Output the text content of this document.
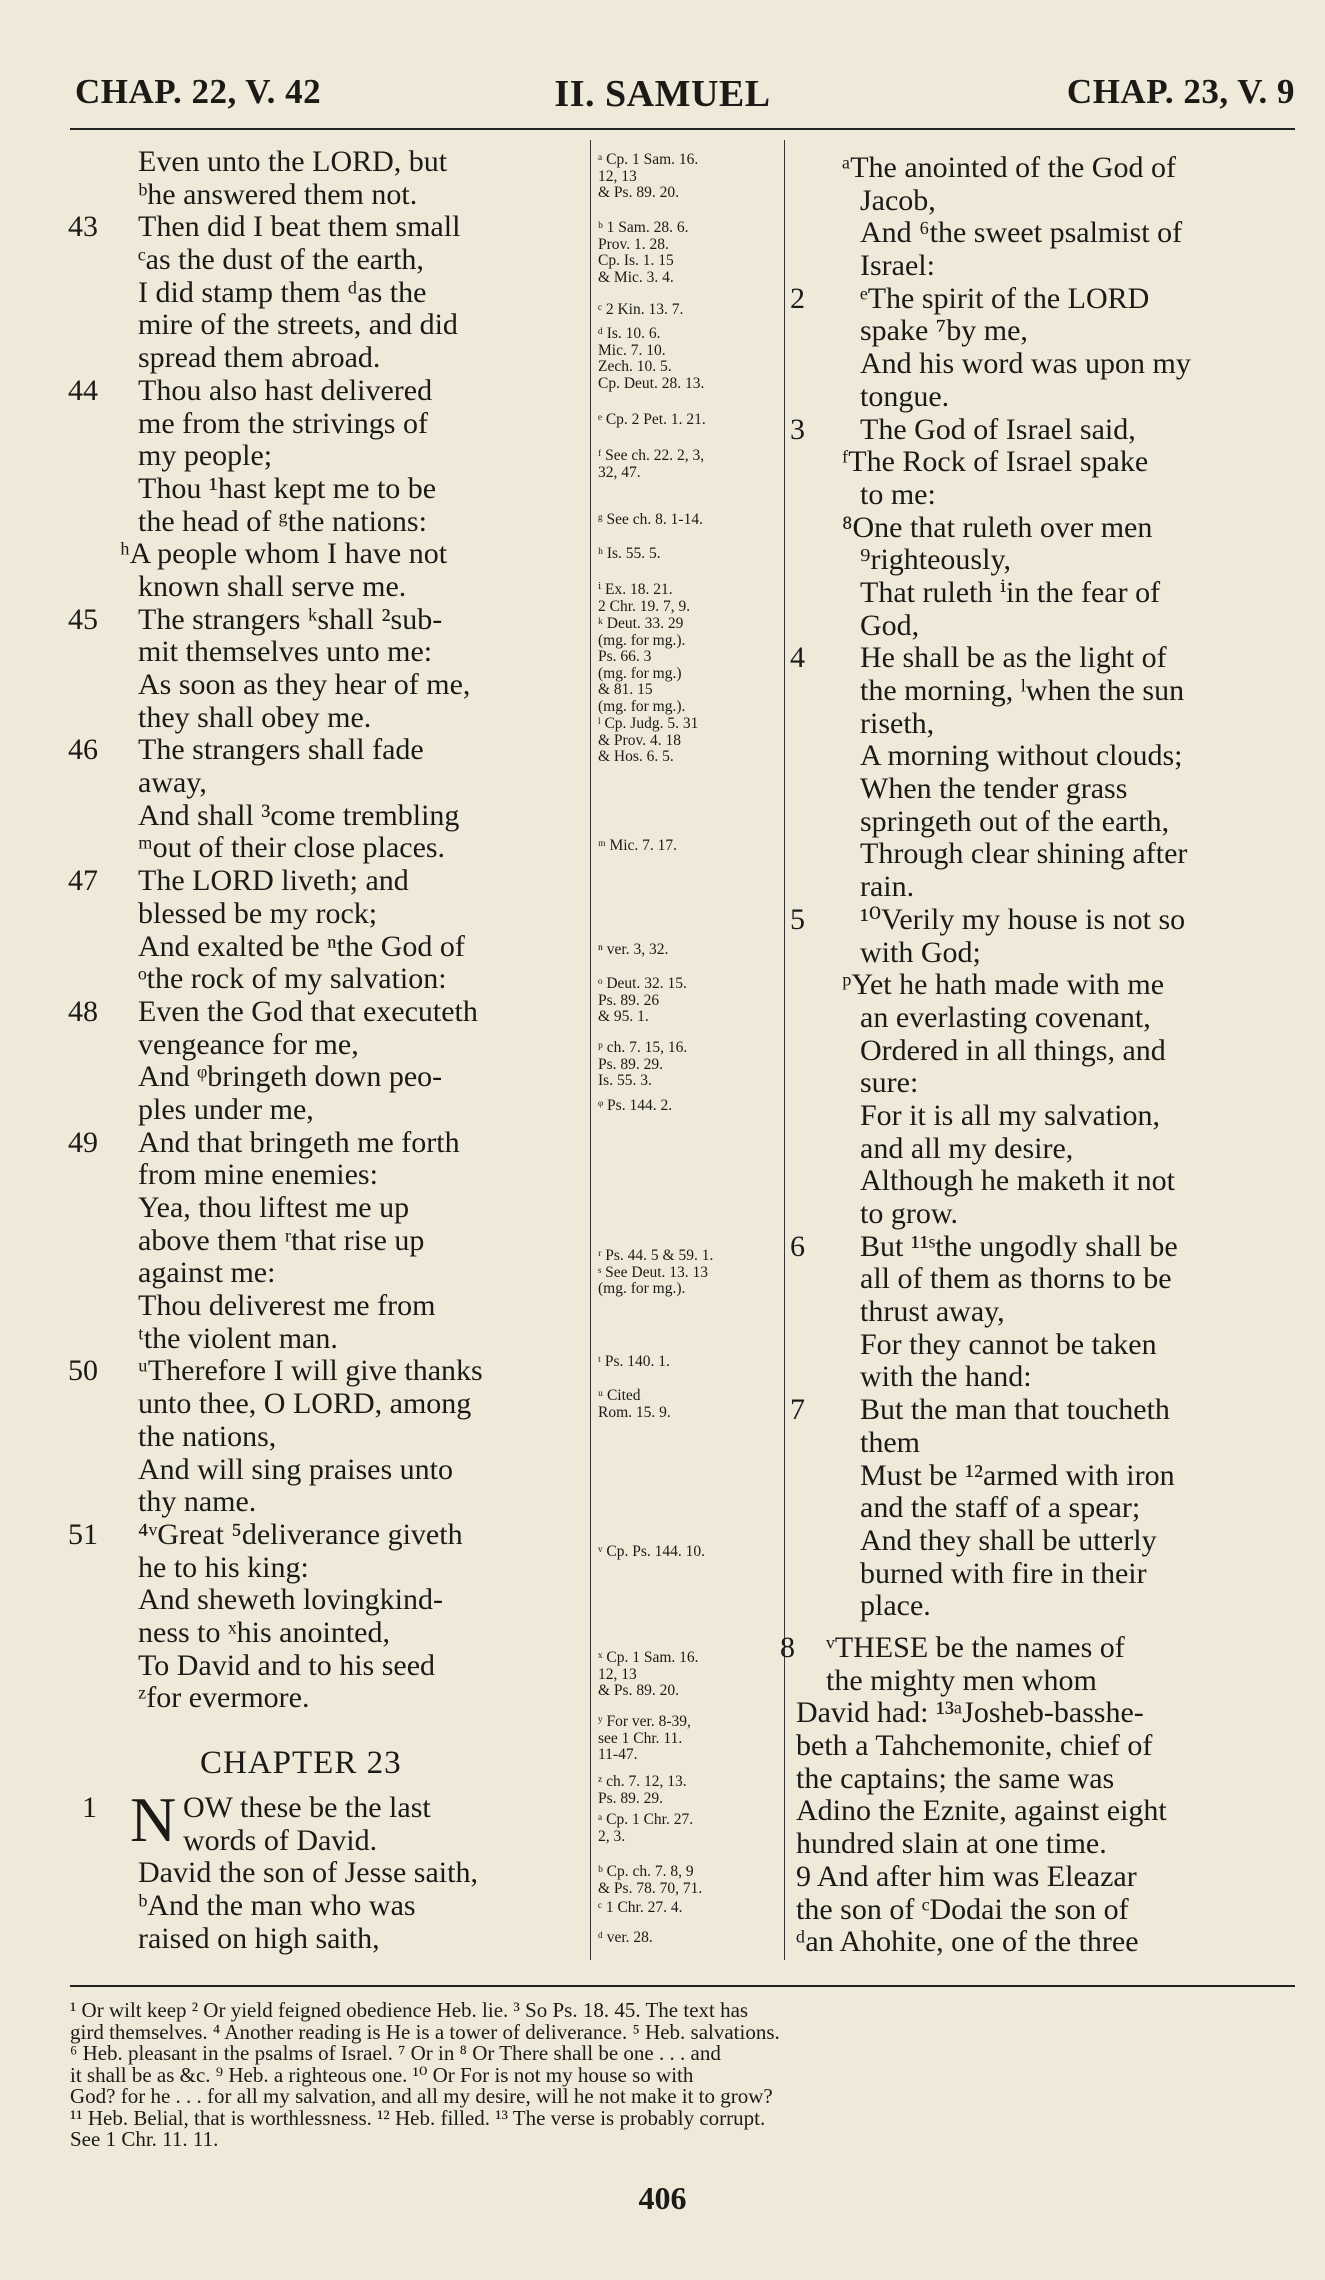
CHAP. 22, V. 42	II. SAMUEL	CHAP. 23, V. 9
Even unto the LORD, but
ᵇhe answered them not.
43	Then did I beat them small
ᶜas the dust of the earth,
I did stamp them ᵈas the
mire of the streets, and did
spread them abroad.
44	Thou also hast delivered
me from the strivings of
my people;
Thou ¹hast kept me to be
the head of ᵍthe nations:
ʰA people whom I have not
known shall serve me.
45	The strangers ᵏshall ²sub-
mit themselves unto me:
As soon as they hear of me,
they shall obey me.
46	The strangers shall fade
away,
And shall ³come trembling
ᵐout of their close places.
47	The LORD liveth; and
blessed be my rock;
And exalted be ⁿthe God of
ᵒthe rock of my salvation:
48	Even the God that executeth
vengeance for me,
And ᵠbringeth down peo-
ples under me,
49	And that bringeth me forth
from mine enemies:
Yea, thou liftest me up
above them ʳthat rise up
against me:
Thou deliverest me from
ᵗthe violent man.
50	ᵘTherefore I will give thanks
unto thee, O LORD, among
the nations,
And will sing praises unto
thy name.
51	⁴ᵛGreat ⁵deliverance giveth
he to his king:
And sheweth lovingkind-
ness to ˣhis anointed,
To David and to his seed
ᶻfor evermore.
CHAPTER 23
1 N OW these be the last
words of David.
David the son of Jesse saith,
ᵇAnd the man who was
raised on high saith,
ᵃ Cp. 1 Sam. 16.
12, 13
& Ps. 89. 20.
ᵇ 1 Sam. 28. 6.
Prov. 1. 28.
Cp. Is. 1. 15
& Mic. 3. 4.
ᶜ 2 Kin. 13. 7.
ᵈ Is. 10. 6.
Mic. 7. 10.
Zech. 10. 5.
Cp. Deut. 28. 13.
ᵉ Cp. 2 Pet. 1. 21.
ᶠ See ch. 22. 2, 3,
32, 47.
ᵍ See ch. 8. 1-14.
ʰ Is. 55. 5.
ⁱ Ex. 18. 21.
2 Chr. 19. 7, 9.
ᵏ Deut. 33. 29
(mg. for mg.).
Ps. 66. 3
(mg. for mg.)
& 81. 15
(mg. for mg.).
ˡ Cp. Judg. 5. 31
& Prov. 4. 18
& Hos. 6. 5.
ᵐ Mic. 7. 17.
ⁿ ver. 3, 32.
ᵒ Deut. 32. 15.
Ps. 89. 26
& 95. 1.
ᵖ ch. 7. 15, 16.
Ps. 89. 29.
Is. 55. 3.
ᵠ Ps. 144. 2.
ʳ Ps. 44. 5 & 59. 1.
ˢ See Deut. 13. 13
(mg. for mg.).
ᵗ Ps. 140. 1.
ᵘ Cited
Rom. 15. 9.
ᵛ Cp. Ps. 144. 10.
ˣ Cp. 1 Sam. 16.
12, 13
& Ps. 89. 20.
ʸ For ver. 8-39,
see 1 Chr. 11.
11-47.
ᶻ ch. 7. 12, 13.
Ps. 89. 29.
ᵃ Cp. 1 Chr. 27.
2, 3.
ᵇ Cp. ch. 7. 8, 9
& Ps. 78. 70, 71.
ᶜ 1 Chr. 27. 4.
ᵈ ver. 28.
ᵃThe anointed of the God of
Jacob,
And ⁶the sweet psalmist of
Israel:
2	ᵉThe spirit of the LORD
spake ⁷by me,
And his word was upon my
tongue.
3	The God of Israel said,
ᶠThe Rock of Israel spake
to me:
⁸One that ruleth over men
⁹righteously,
That ruleth ⁱin the fear of
God,
4	He shall be as the light of
the morning, ˡwhen the sun
riseth,
A morning without clouds;
When the tender grass
springeth out of the earth,
Through clear shining after
rain.
5	¹⁰Verily my house is not so
with God;
ᵖYet he hath made with me
an everlasting covenant,
Ordered in all things, and
sure:
For it is all my salvation,
and all my desire,
Although he maketh it not
to grow.
6	But ¹¹ˢthe ungodly shall be
all of them as thorns to be
thrust away,
For they cannot be taken
with the hand:
7	But the man that toucheth
them
Must be ¹²armed with iron
and the staff of a spear;
And they shall be utterly
burned with fire in their
place.
8	ᵛTHESE be the names of
the mighty men whom
David had: ¹³ᵃJosheb-basshe-
beth a Tahchemonite, chief of
the captains; the same was
Adino the Eznite, against eight
hundred slain at one time.
9 And after him was Eleazar
the son of ᶜDodai the son of
ᵈan Ahohite, one of the three
¹ Or wilt keep ² Or yield feigned obedience Heb. lie. ³ So Ps. 18. 45. The text has
gird themselves. ⁴ Another reading is He is a tower of deliverance. ⁵ Heb. salvations.
⁶ Heb. pleasant in the psalms of Israel. ⁷ Or in ⁸ Or There shall be one . . . and
it shall be as &c. ⁹ Heb. a righteous one. ¹⁰ Or For is not my house so with
God? for he . . . for all my salvation, and all my desire, will he not make it to grow?
¹¹ Heb. Belial, that is worthlessness. ¹² Heb. filled. ¹³ The verse is probably corrupt.
See 1 Chr. 11. 11.
406
